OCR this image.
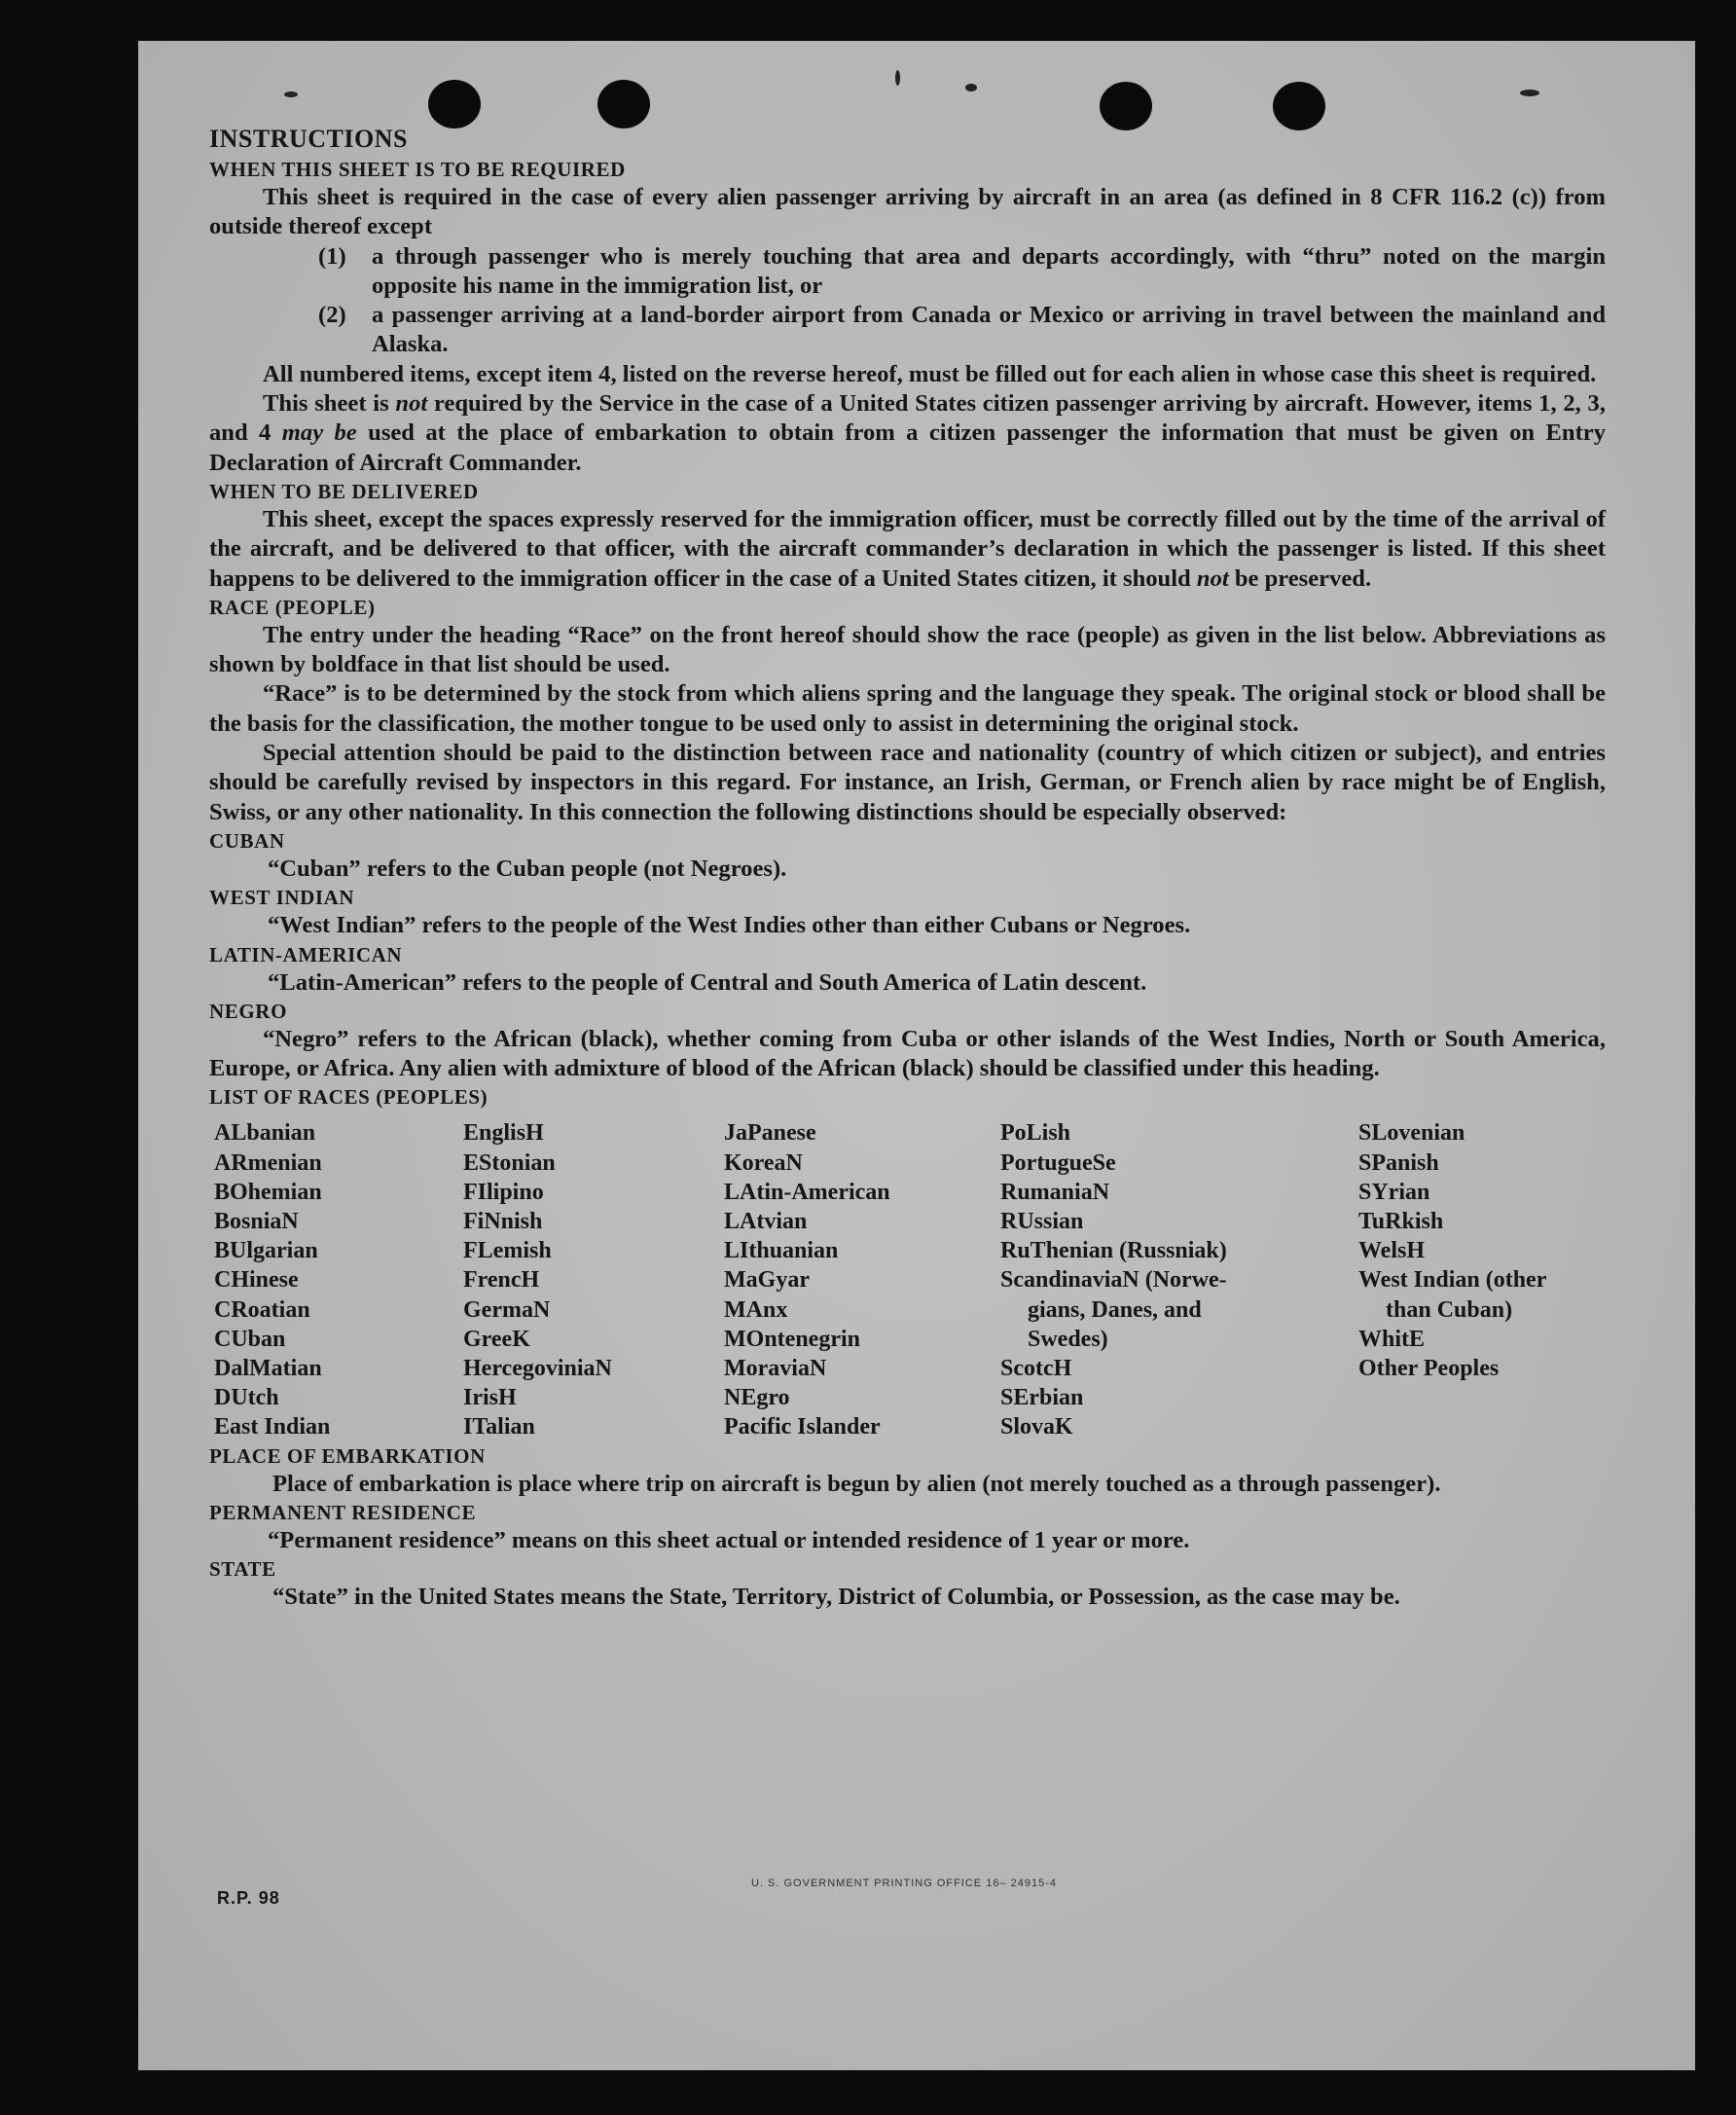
INSTRUCTIONS

WHEN THIS SHEET IS TO BE REQUIRED

This sheet is required in the case of every alien passenger arriving by aircraft in an area (as defined in 8 CFR 116.2 (c)) from outside thereof except

(1)	a through passenger who is merely touching that area and departs accordingly, with “thru” noted on the margin opposite his name in the immigration list, or
(2)	a passenger arriving at a land-border airport from Canada or Mexico or arriving in travel between the mainland and Alaska.

All numbered items, except item 4, listed on the reverse hereof, must be filled out for each alien in whose case this sheet is required.

This sheet is not required by the Service in the case of a United States citizen passenger arriving by aircraft. However, items 1, 2, 3, and 4 may be used at the place of embarkation to obtain from a citizen passenger the information that must be given on Entry Declaration of Aircraft Commander.

WHEN TO BE DELIVERED

This sheet, except the spaces expressly reserved for the immigration officer, must be correctly filled out by the time of the arrival of the aircraft, and be delivered to that officer, with the aircraft commander’s declaration in which the passenger is listed. If this sheet happens to be delivered to the immigration officer in the case of a United States citizen, it should not be preserved.

RACE (PEOPLE)

The entry under the heading “Race” on the front hereof should show the race (people) as given in the list below. Abbreviations as shown by boldface in that list should be used.

“Race” is to be determined by the stock from which aliens spring and the language they speak. The original stock or blood shall be the basis for the classification, the mother tongue to be used only to assist in determining the original stock.

Special attention should be paid to the distinction between race and nationality (country of which citizen or subject), and entries should be carefully revised by inspectors in this regard. For instance, an Irish, German, or French alien by race might be of English, Swiss, or any other nationality. In this connection the following distinctions should be especially observed:

CUBAN

“Cuban” refers to the Cuban people (not Negroes).

WEST INDIAN

“West Indian” refers to the people of the West Indies other than either Cubans or Negroes.

LATIN-AMERICAN

“Latin-American” refers to the people of Central and South America of Latin descent.

NEGRO

“Negro” refers to the African (black), whether coming from Cuba or other islands of the West Indies, North or South America, Europe, or Africa. Any alien with admixture of blood of the African (black) should be classified under this heading.

LIST OF RACES (PEOPLES)

ALbanian
ARmenian
BOhemian
BosniaN
BUlgarian
CHinese
CRoatian
CUban
DalMatian
DUtch
East Indian
EnglisH
EStonian
FIlipino
FiNnish
FLemish
FrencH
GermaN
GreeK
HercegoviniaN
IrisH
ITalian
JaPanese
KoreaN
LAtin-American
LAtvian
LIthuanian
MaGyar
MAnx
MOntenegrin
MoraviaN
NEgro
Pacific Islander
PoLish
PortugueSe
RumaniaN
RUssian
RuThenian (Russniak)
ScandinaviaN (Norwe-
gians, Danes, and
Swedes)
ScotcH
SErbian
SlovaK
SLovenian
SPanish
SYrian
TuRkish
WelsH
West Indian (other
than Cuban)
WhitE
Other Peoples

PLACE OF EMBARKATION

Place of embarkation is place where trip on aircraft is begun by alien (not merely touched as a through passenger).

PERMANENT RESIDENCE

“Permanent residence” means on this sheet actual or intended residence of 1 year or more.

STATE

“State” in the United States means the State, Territory, District of Columbia, or Possession, as the case may be.

R.P. 98
U. S. GOVERNMENT PRINTING OFFICE 16– 24915-4
